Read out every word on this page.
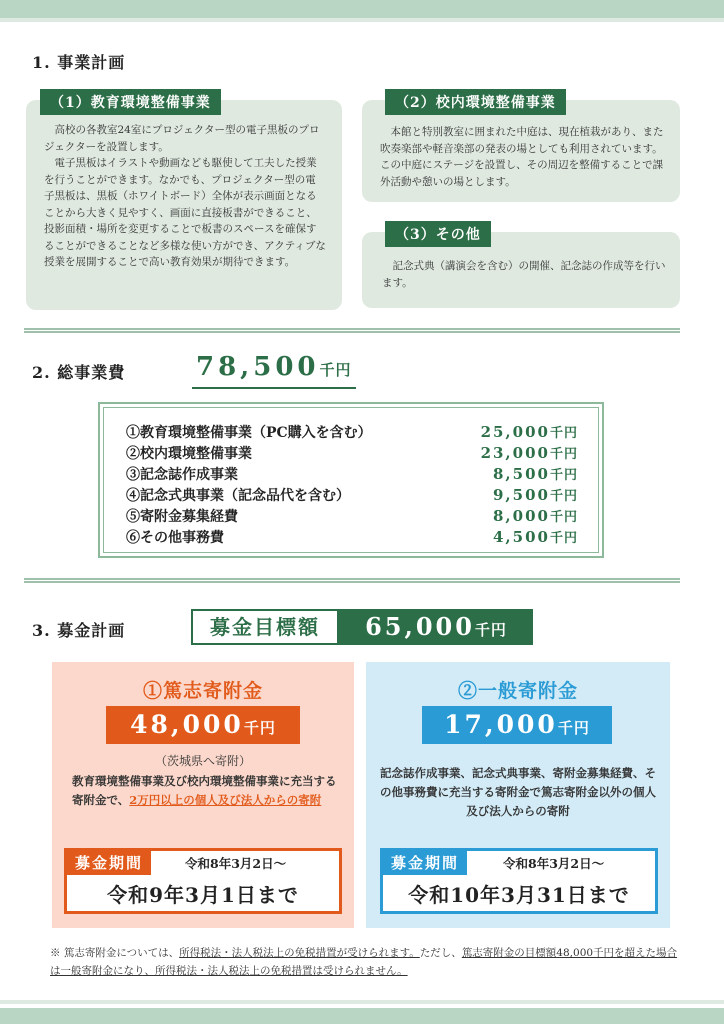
1. 事業計画

高校の各教室24室にプロジェクター型の電子黒板のプロジェクターを設置します。

電子黒板はイラストや動画なども駆使して工夫した授業を行うことができます。なかでも、プロジェクター型の電子黒板は、黒板（ホワイトボード）全体が表示画面となることから大きく見やすく、画面に直接板書ができること、投影面積・場所を変更することで板書のスペースを確保することができることなど多様な使い方ができ、アクティブな授業を展開することで高い教育効果が期待できます。

（1）教育環境整備事業

本館と特別教室に囲まれた中庭は、現在植栽があり、また吹奏楽部や軽音楽部の発表の場としても利用されています。この中庭にステージを設置し、その周辺を整備することで課外活動や憩いの場とします。

（2）校内環境整備事業

記念式典（講演会を含む）の開催、記念誌の作成等を行います。

（3）その他
2. 総事業費	78,500千円
①教育環境整備事業（PC購入を含む）	25,000千円
②校内環境整備事業	23,000千円
③記念誌作成事業	8,500千円
④記念式典事業（記念品代を含む）	9,500千円
⑤寄附金募集経費	8,000千円
⑥その他事務費	4,500千円
3. 募金計画	募金目標額	65,000千円
①篤志寄附金
48,000千円
（茨城県へ寄附）
教育環境整備事業及び校内環境整備事業に充当する寄附金で、2万円以上の個人及び法人からの寄附
募金期間	令和8年3月2日～
令和9年3月1日まで
②一般寄附金
17,000千円
記念誌作成事業、記念式典事業、寄附金募集経費、その他事務費に充当する寄附金で篤志寄附金以外の個人及び法人からの寄附
募金期間	令和8年3月2日～
令和10年3月31日まで
※ 篤志寄附金については、所得税法・法人税法上の免税措置が受けられます。ただし、篤志寄附金の目標額48,000千円を超えた場合は一般寄附金になり、所得税法・法人税法上の免税措置は受けられません。
